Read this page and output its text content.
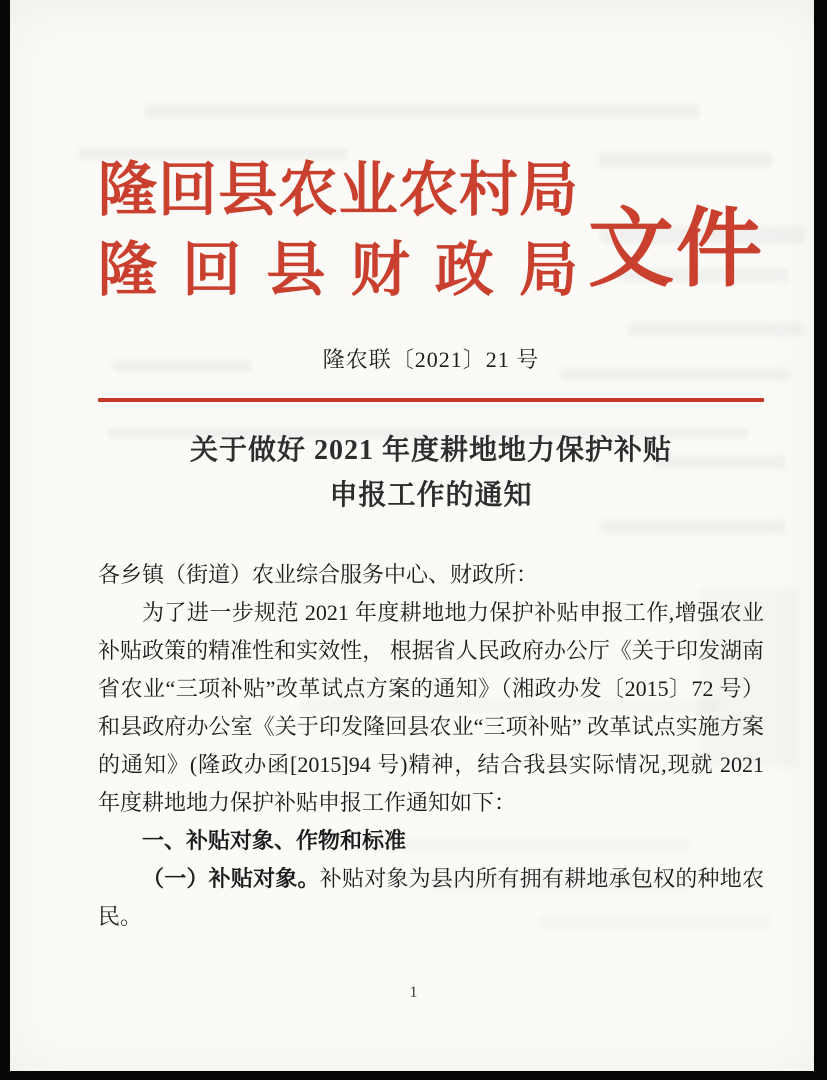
隆回县农业农村局
隆回县财政局 文件
隆农联〔2021〕21 号
关于做好 2021 年度耕地地力保护补贴
申报工作的通知

各乡镇（街道）农业综合服务中心、财政所：

为了进一步规范 2021 年度耕地地力保护补贴申报工作,增强农业补贴政策的精准性和实效性， 根据省人民政府办公厅《关于印发湖南省农业“三项补贴”改革试点方案的通知》（湘政办发〔2015〕72 号）和县政府办公室《关于印发隆回县农业“三项补贴” 改革试点实施方案的通知》(隆政办函[2015]94 号)精神，结合我县实际情况,现就 2021 年度耕地地力保护补贴申报工作通知如下：

一、补贴对象、作物和标准

（一）补贴对象。补贴对象为县内所有拥有耕地承包权的种地农民。

1
